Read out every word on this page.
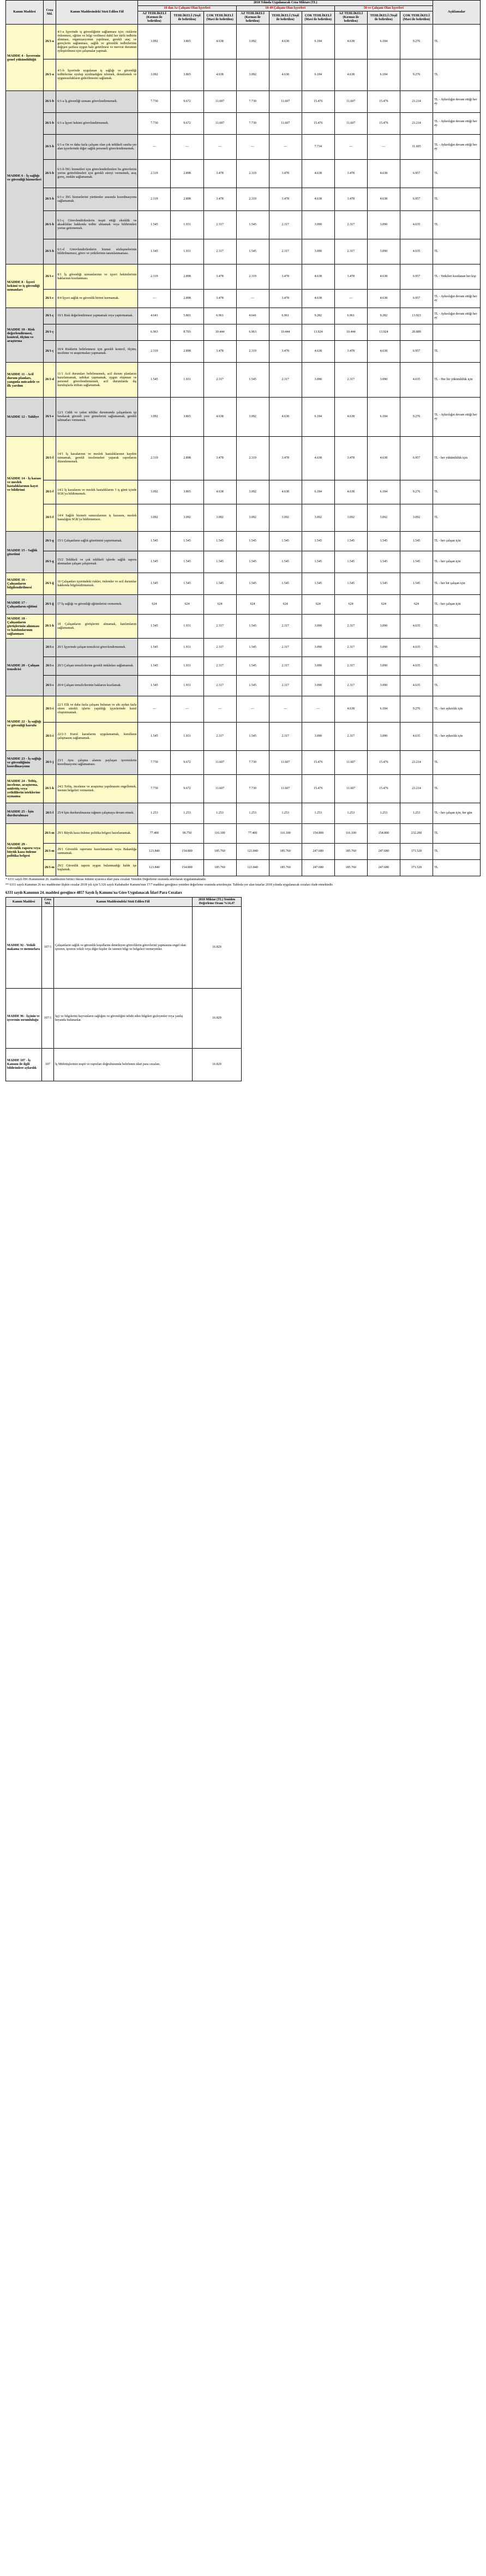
Kanun Maddesi	Ceza Md.	Kanun Maddesindeki Sözü Edilen Fiil	2018 Yılında Uygulanacak Ceza Miktarı (TL)									Açıklamalar
			10 dan Az Çalışanı Olan İşyerleri			10-49 Çalışanı Olan İşyerleri			50 ve Çalışanı Olan İşyerleri			
			AZ TEHLİKELİ (Kırmızı ile belirtilen)	TEHLİKELİ (Yeşil ile belirtilen)	ÇOK TEHLİKELİ (Mavi ile belirtilen)	AZ TEHLİKELİ (Kırmızı ile belirtilen)	TEHLİKELİ (Yeşil ile belirtilen)	ÇOK TEHLİKELİ (Mavi ile belirtilen)	AZ TEHLİKELİ (Kırmızı ile belirtilen)	TEHLİKELİ (Yeşil ile belirtilen)	ÇOK TEHLİKELİ (Mavi ile belirtilen)	
MADDE 4 - İşverenin genel yükümlülüğü	26/1-a	4/1-a İşyerinde iş güvenliğinin sağlanması için; risklerin önlenmesi, eğitim ve bilgi verilmesi dahil her türlü tedbirin alınması, organizasyonun yapılması, gerekli araç ve gereçlerin sağlanması, sağlık ve güvenlik tedbirlerinin değişen şartlara uygun hale getirilmesi ve mevcut durumun iyileştirilmesi için çalışmalar yapmak.	3.092	3.865	4.638	3.092	4.638	6.184	4.638	6.184	9.276	TL
	26/1-a	4/1-b İşyerinde uygulanan iş sağlığı ve güvenliği tedbirlerine uyulup uyulmadığını izlemek, denetlemek ve uygunsuzlukların giderilmesini sağlamak.	3.092	3.865	4.638	3.092	4.638	6.184	4.638	6.184	9.276	TL
MADDE 6 - İş sağlığı ve güvenliği hizmetleri	26/1-b	6/1-a İş güvenliği uzmanı görevlendirmemek.	7.730	9.672	11.607	7.730	11.607	15.476	11.607	15.476	23.214	TL - Aykırılığın devam ettiği her ay
	26/1-b	6/1-a İşyeri hekimi görevlendirmemek.	7.730	9.672	11.607	7.730	11.607	15.476	11.607	15.476	23.214	TL - Aykırılığın devam ettiği her ay
	26/1-b	6/1-a On ve daha fazla çalışanı olan çok tehlikeli sınıfta yer alan işyerlerinde diğer sağlık personeli görevlendirmemek.	—	—	—	—	—	7.734	—	—	11.605	TL - Aykırılığın devam ettiği her ay
	26/1-b	6/1-b İSG hizmetleri için görevlendirilenlere bu görevlerini yerine getirebilmeleri için gerekli süreyi vermemek, araç gereç, mekân sağlamamak.	2.319	2.898	3.478	2.319	3.478	4.638	3.478	4.638	6.957	TL
	26/1-b	6/1-c İSG hizmetlerini yürütenler arasında koordinasyonu sağlamamak.	2.319	2.898	3.478	2.319	3.478	4.638	3.478	4.638	6.957	TL
	26/1-b	6/1-ç Görevlendirilenlerin tespit ettiği eksiklik ve aksaklıklar hakkında tedbir almamak veya bildirimleri yerine getirmemek.	1.545	1.931	2.317	1.545	2.317	3.090	2.317	3.090	4.635	TL
	26/1-b	6/1-d Görevlendirilenlerin hizmet sözleşmelerinin bildirilmemesi, görev ve yetkilerinin tanımlanmaması.	1.545	1.931	2.317	1.545	2.317	3.090	2.317	3.090	4.635	TL
MADDE 8 - İşyeri hekimi ve iş güvenliği uzmanları	26/1-c	8/1 İş güvenliği uzmanlarının ve işyeri hekimlerinin haklarının kısıtlanması.	2.319	2.898	3.478	2.319	3.478	4.638	3.478	4.638	6.957	TL - Yetkileri kısıtlanan her kişi
	26/1-c	8/4 İşyeri sağlık ve güvenlik birimi kurmamak.	—	2.898	3.478	—	3.478	4.638	—	4.638	6.957	TL - Aykırılığın devam ettiği her ay
MADDE 10 - Risk değerlendirmesi, kontrol, ölçüm ve araştırma	26/1-ç	10/1 Risk değerlendirmesi yapmamak veya yaptırmamak.	4.641	5.801	6.961	4.641	6.961	9.282	6.961	9.282	13.923	TL - Aykırılığın devam ettiği her ay
	26/1-ç		6.963	8.703	10.444	6.963	10.444	13.924	10.444	13.924	20.889	
	26/1-ç	10/4 Risklerin belirlenmesi için gerekli kontrol, ölçüm, inceleme ve araştırmaları yapmamak.	2.319	2.898	3.478	2.319	3.478	4.638	3.478	4.638	6.957	TL
MADDE 11 - Acil durum planları, yangınla mücadele ve ilk yardım	26/1-d	11/1 Acil durumları belirlememek, acil durum planlarını hazırlamamak, tatbikat yapmamak, uygun ekipman ve personel görevlendirmemek, acil durumlarda dış kuruluşlarla irtibatı sağlamamak.	1.545	1.931	2.317	1.545	2.317	3.090	2.317	3.090	4.635	TL - Her bir yükümlülük için
MADDE 12 - Tahliye	26/1-e	12/1 Ciddi ve yakın tehlike durumunda çalışanların işi bırakarak güvenli yere gitmelerini sağlamamak, gerekli talimatları vermemek.	3.092	3.865	4.638	3.092	4.638	6.184	4.638	6.184	9.276	TL - Aykırılığın devam ettiği her ay
MADDE 14 - İş kazası ve meslek hastalıklarının kayıt ve bildirimi	26/1-f	14/1 İş kazalarının ve meslek hastalıklarının kaydını tutmamak, gerekli incelemeleri yaparak raporlarını düzenlememek.	2.319	2.898	3.478	2.319	3.478	4.638	3.478	4.638	6.957	TL - her yükümlülük için
	26/1-f	14/2 İş kazalarını ve meslek hastalıklarını 3 iş günü içinde SGK'ya bildirmemek.	3.092	3.865	4.638	3.092	4.638	6.184	4.638	6.184	9.276	TL
	26/1-f	14/4 Sağlık hizmeti sunucularının iş kazasını, meslek hastalığını SGK'ya bildirmemesi.	3.092	3.092	3.092	3.092	3.092	3.092	3.092	3.092	3.092	TL
MADDE 15 - Sağlık gözetimi	26/1-g	15/1 Çalışanların sağlık gözetimini yaptırmamak.	1.545	1.545	1.545	1.545	1.545	1.545	1.545	1.545	1.545	TL - her çalışan için
	26/1-g	15/2 Tehlikeli ve çok tehlikeli işlerde sağlık raporu alınmadan çalışan çalıştırmak.	1.545	1.545	1.545	1.545	1.545	1.545	1.545	1.545	1.545	TL - her çalışan için
MADDE 16 - Çalışanların bilgilendirilmesi	26/1-ğ	16 Çalışanları işyerindeki riskler, önlemler ve acil durumlar hakkında bilgilendirmemek.	1.545	1.545	1.545	1.545	1.545	1.545	1.545	1.545	1.545	TL - her bir çalışan için
MADDE 17 - Çalışanların eğitimi	26/1-ğ	17 İş sağlığı ve güvenliği eğitimlerini vermemek.	624	624	624	624	624	624	624	624	624	TL - her çalışan için
MADDE 18 - Çalışanların görüşlerinin alınması ve katılımlarının sağlanması	26/1-h	18 Çalışanların görüşlerini almamak, katılımlarını sağlamamak.	1.545	1.931	2.317	1.545	2.317	3.090	2.317	3.090	4.635	TL
MADDE 20 - Çalışan temsilcisi	26/1-ı	20/1 İşyerinde çalışan temsilcisi görevlendirmemek.	1.545	1.931	2.317	1.545	2.317	3.090	2.317	3.090	4.635	TL
	26/1-ı	20/3 Çalışan temsilcilerine gerekli imkânları sağlamamak.	1.545	1.931	2.317	1.545	2.317	3.090	2.317	3.090	4.635	TL
	26/1-ı	20/4 Çalışan temsilcilerinin haklarını kısıtlamak.	1.545	1.931	2.317	1.545	2.317	3.090	2.317	3.090	4.635	TL
MADDE 22 - İş sağlığı ve güvenliği kurulu	26/1-i	22/1 Elli ve daha fazla çalışanı bulunan ve altı aydan fazla süren sürekli işlerin yapıldığı işyerlerinde kurul oluşturmamak.	—	—	—	—	—	—	4.638	6.184	9.276	TL - her aykırılık için
	26/1-i	22/2-3 Kurul kararlarını uygulamamak, kurulların çalışmasını sağlamamak.	1.545	1.931	2.317	1.545	2.317	3.090	2.317	3.090	4.635	TL - her aykırılık için
MADDE 23 - İş sağlığı ve güvenliğinin koordinasyonu	26/1-j	23/1 Aynı çalışma alanını paylaşan işverenlerin koordinasyonu sağlamaması.	7.730	9.672	11.607	7.730	11.607	15.476	11.607	15.476	23.214	TL
MADDE 24 - Teftiş, inceleme, araştırma, müfettiş veya yetkililerin isteklerine uymama	26/1-k	24/2 Teftiş, inceleme ve araştırma yapılmasını engellemek, istenen belgeleri vermemek.	7.730	9.672	11.607	7.730	11.607	15.476	11.607	15.476	23.214	TL
MADDE 25 - İşin durdurulması	26/1-l	25/4 İşin durdurulmasına rağmen çalışmaya devam etmek.	1.253	1.253	1.253	1.253	1.253	1.253	1.253	1.253	1.253	TL - her çalışan için, her gün
MADDE 29 - Güvenlik raporu veya büyük kaza önleme politika belgesi	26/1-m	29/1 Büyük kaza önleme politika belgesi hazırlamamak.	77.400	96.750	116.100	77.400	116.100	154.800	116.100	154.800	232.200	TL
	26/1-m	29/1 Güvenlik raporunu hazırlamamak veya Bakanlığa sunmamak.	123.840	154.800	185.760	123.840	185.760	247.680	185.760	247.680	371.520	TL
	26/1-m	29/2 Güvenlik raporu uygun bulunmadığı halde işe başlamak.	123.840	154.800	185.760	123.840	185.760	247.680	185.760	247.680	371.520	TL

* 6331 sayılı İSG Kanununun 26. maddesinin birinci fıkrası hükmü uyarınca idari para cezaları Yeniden Değerleme oranında artırılarak uygulanmaktadır.

** 6331 sayılı Kanunun 26 ncı maddesine ilişkin cezalar 2018 yılı için 5.326 sayılı Kabahatler Kanunu'nun 17/7 maddesi gereğince yeniden değerleme oranında artırılmıştır. Tabloda yer alan tutarlar 2018 yılında uygulanacak cezaları ifade etmektedir.

6331 sayılı Kanunun 24. maddesi gereğince 4857 Sayılı İş Kanunu'na Göre Uygulanacak İdari Para Cezaları
Kanun Maddesi	Ceza Md.	Kanun Maddesindeki Sözü Edilen Fiil	2018 Miktar (TL) Yeniden Değerleme Oranı %14,47
MADDE 92 - Yetkili makama ve memurlara	107/1	Çalışanların sağlık ve güvenlik koşullarını denetleyen görevlilerin görevlerini yapmasına engel olan işveren, işveren vekili veya diğer kişiler ile istenen bilgi ve belgeleri vermeyenler.	16.829
MADDE 96 - İşçinin ve işverenin sorumluluğu	107/1	İşçi ve bilgilerini hayvanların sağlığını ve güvenliğini tehdit eden bilgileri gizleyenler veya yanlış beyanda bulunanlar.	16.829
MADDE 107 - İş Kanunu ile ilgili bildirimlere aykırılık	107	İş Müfettişlerinin tespit ve raporları doğrultusunda belirlenen idari para cezaları.	16.829
